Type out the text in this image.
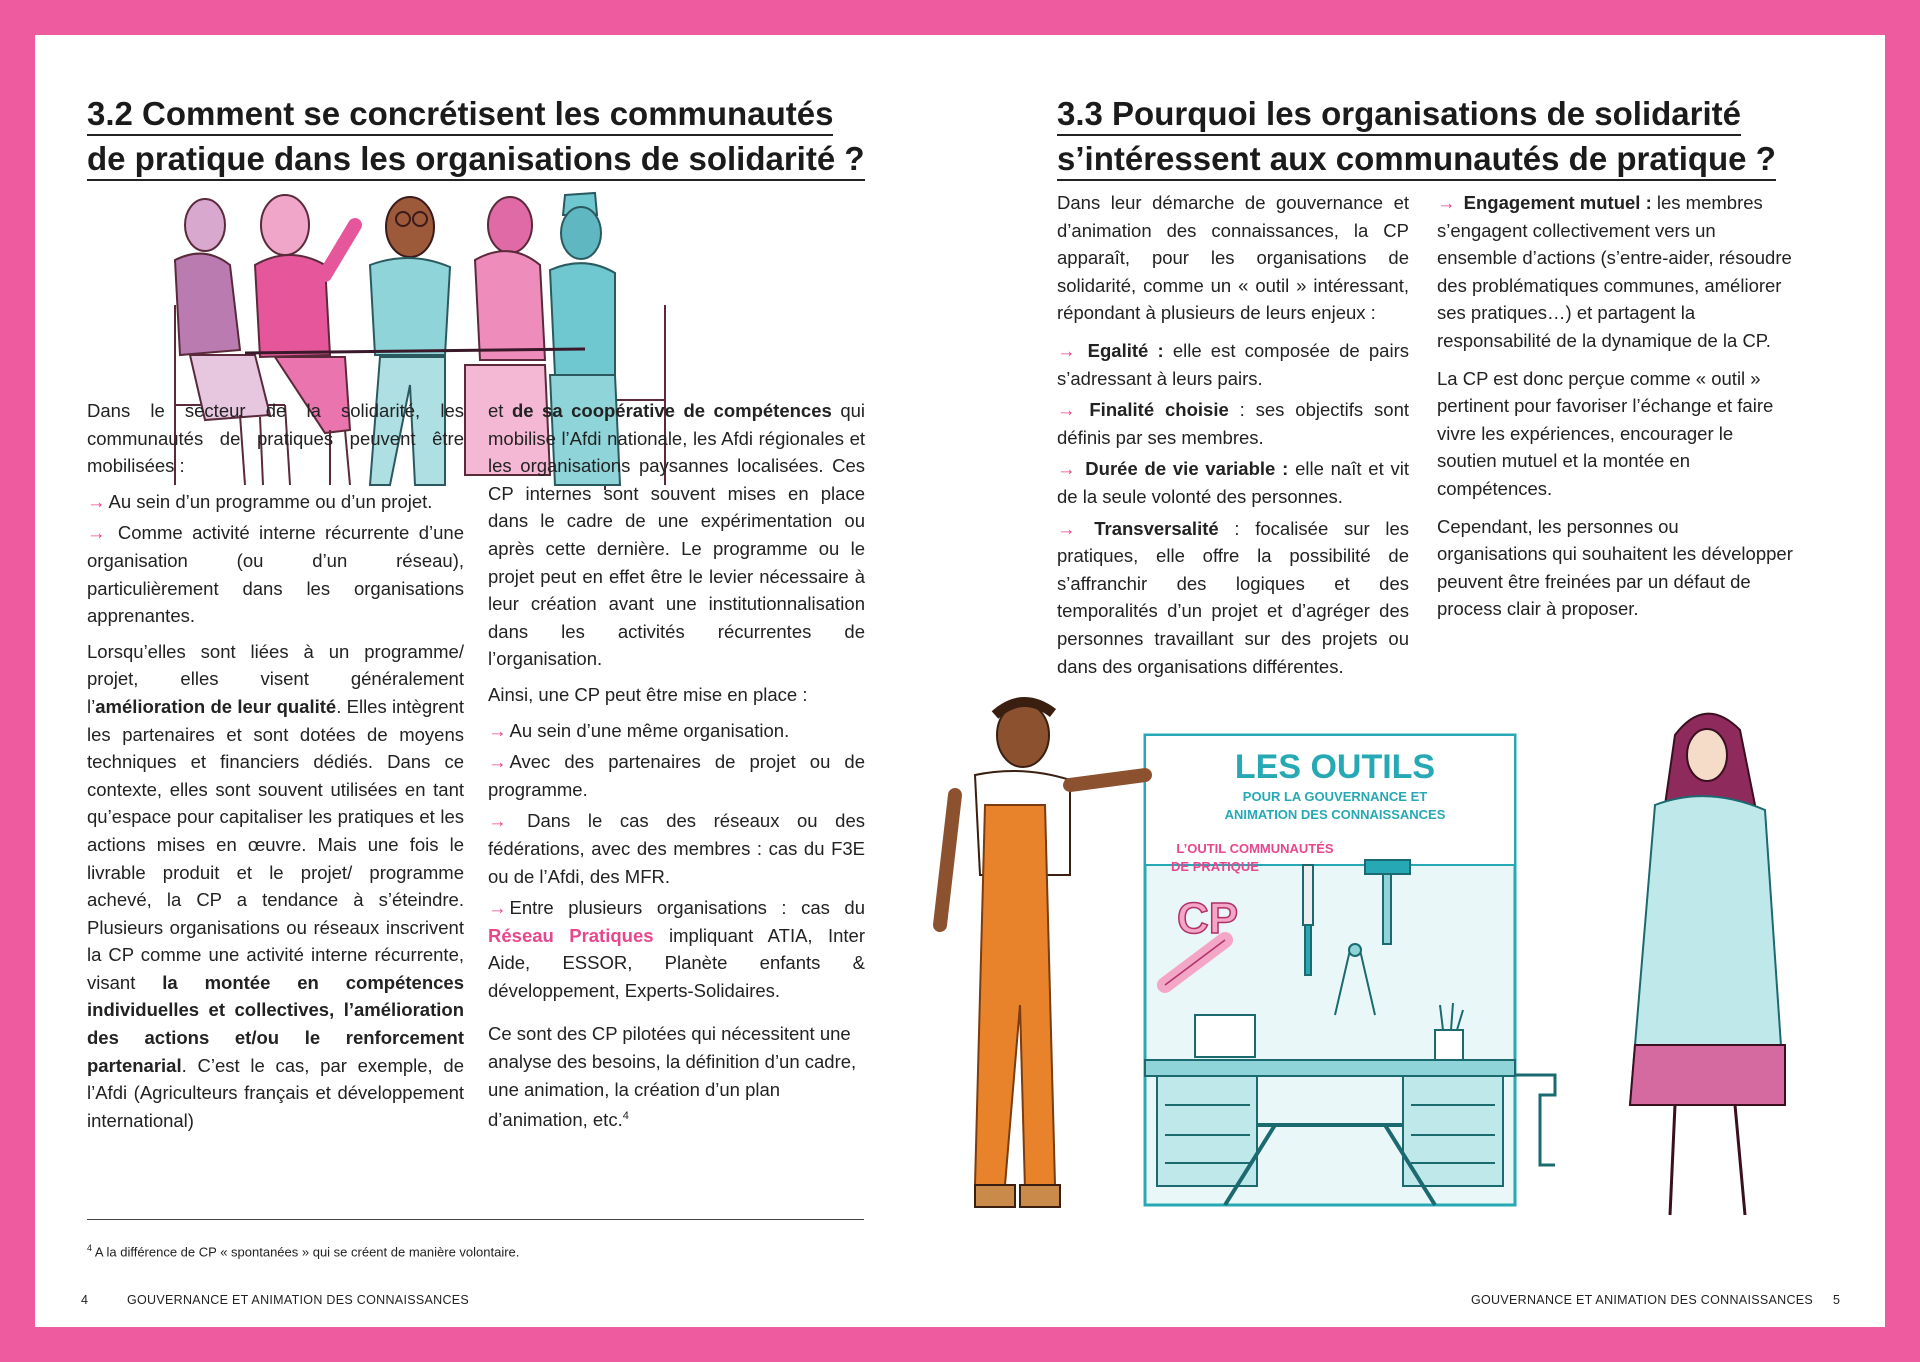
3.2 Comment se concrétisent les communautés
de pratique dans les organisations de solidarité ?

Dans le secteur de la solidarité, les communautés de pratiques peuvent être mobilisées :

→ Au sein d’un programme ou d’un projet.

→ Comme activité interne récurrente d’une organisation (ou d’un réseau), particulièrement dans les organisations apprenantes.

Lorsqu’elles sont liées à un programme/ projet, elles visent généralement l’amélioration de leur qualité. Elles intègrent les partenaires et sont dotées de moyens techniques et financiers dédiés. Dans ce contexte, elles sont souvent utilisées en tant qu’espace pour capitaliser les pratiques et les actions mises en œuvre. Mais une fois le livrable produit et le projet/ programme achevé, la CP a tendance à s’éteindre. Plusieurs organisations ou réseaux inscrivent la CP comme une activité interne récurrente, visant la montée en compétences individuelles et collectives, l’amélioration des actions et/ou le renforcement partenarial. C’est le cas, par exemple, de l’Afdi (Agriculteurs français et développement international)

et de sa coopérative de compétences qui mobilise l’Afdi nationale, les Afdi régionales et les organisations paysannes localisées. Ces CP internes sont souvent mises en place dans le cadre de une expérimentation ou après cette dernière. Le programme ou le projet peut en effet être le levier nécessaire à leur création avant une institutionnalisation dans les activités récurrentes de l’organisation.

Ainsi, une CP peut être mise en place :

→ Au sein d’une même organisation.

→ Avec des partenaires de projet ou de programme.

→ Dans le cas des réseaux ou des fédérations, avec des membres : cas du F3E ou de l’Afdi, des MFR.

→ Entre plusieurs organisations : cas du Réseau Pratiques impliquant ATIA, Inter Aide, ESSOR, Planète enfants & développement, Experts-Solidaires.

Ce sont des CP pilotées qui nécessitent une analyse des besoins, la définition d’un cadre, une animation, la création d’un plan d’animation, etc.$^4$

$^4$ A la différence de CP « spontanées » qui se créent de manière volontaire.
4	GOUVERNANCE ET ANIMATION DES CONNAISSANCES
3.3 Pourquoi les organisations de solidarité
s’intéressent aux communautés de pratique ?

Dans leur démarche de gouvernance et d’animation des connaissances, la CP apparaît, pour les organisations de solidarité, comme un « outil » intéressant, répondant à plusieurs de leurs enjeux :

→ Egalité : elle est composée de pairs s’adressant à leurs pairs.

→ Finalité choisie : ses objectifs sont définis par ses membres.

→ Durée de vie variable : elle naît et vit de la seule volonté des personnes.

→ Transversalité : focalisée sur les pratiques, elle offre la possibilité de s’affranchir des logiques et des temporalités d’un projet et d’agréger des personnes travaillant sur des projets ou dans des organisations différentes.

→ Engagement mutuel : les membres s’engagent collectivement vers un ensemble d’actions (s’entre-aider, résoudre des problématiques communes, améliorer ses pratiques…) et partagent la responsabilité de la dynamique de la CP.

La CP est donc perçue comme « outil » pertinent pour favoriser l’échange et faire vivre les expériences, encourager le soutien mutuel et la montée en compétences.

Cependant, les personnes ou organisations qui souhaitent les développer peuvent être freinées par un défaut de process clair à proposer.

LES OUTILS
POUR LA GOUVERNANCE ET
ANIMATION DES CONNAISSANCES
L’OUTIL COMMUNAUTÉS
DE PRATIQUE
CP
GOUVERNANCE ET ANIMATION DES CONNAISSANCES 5
